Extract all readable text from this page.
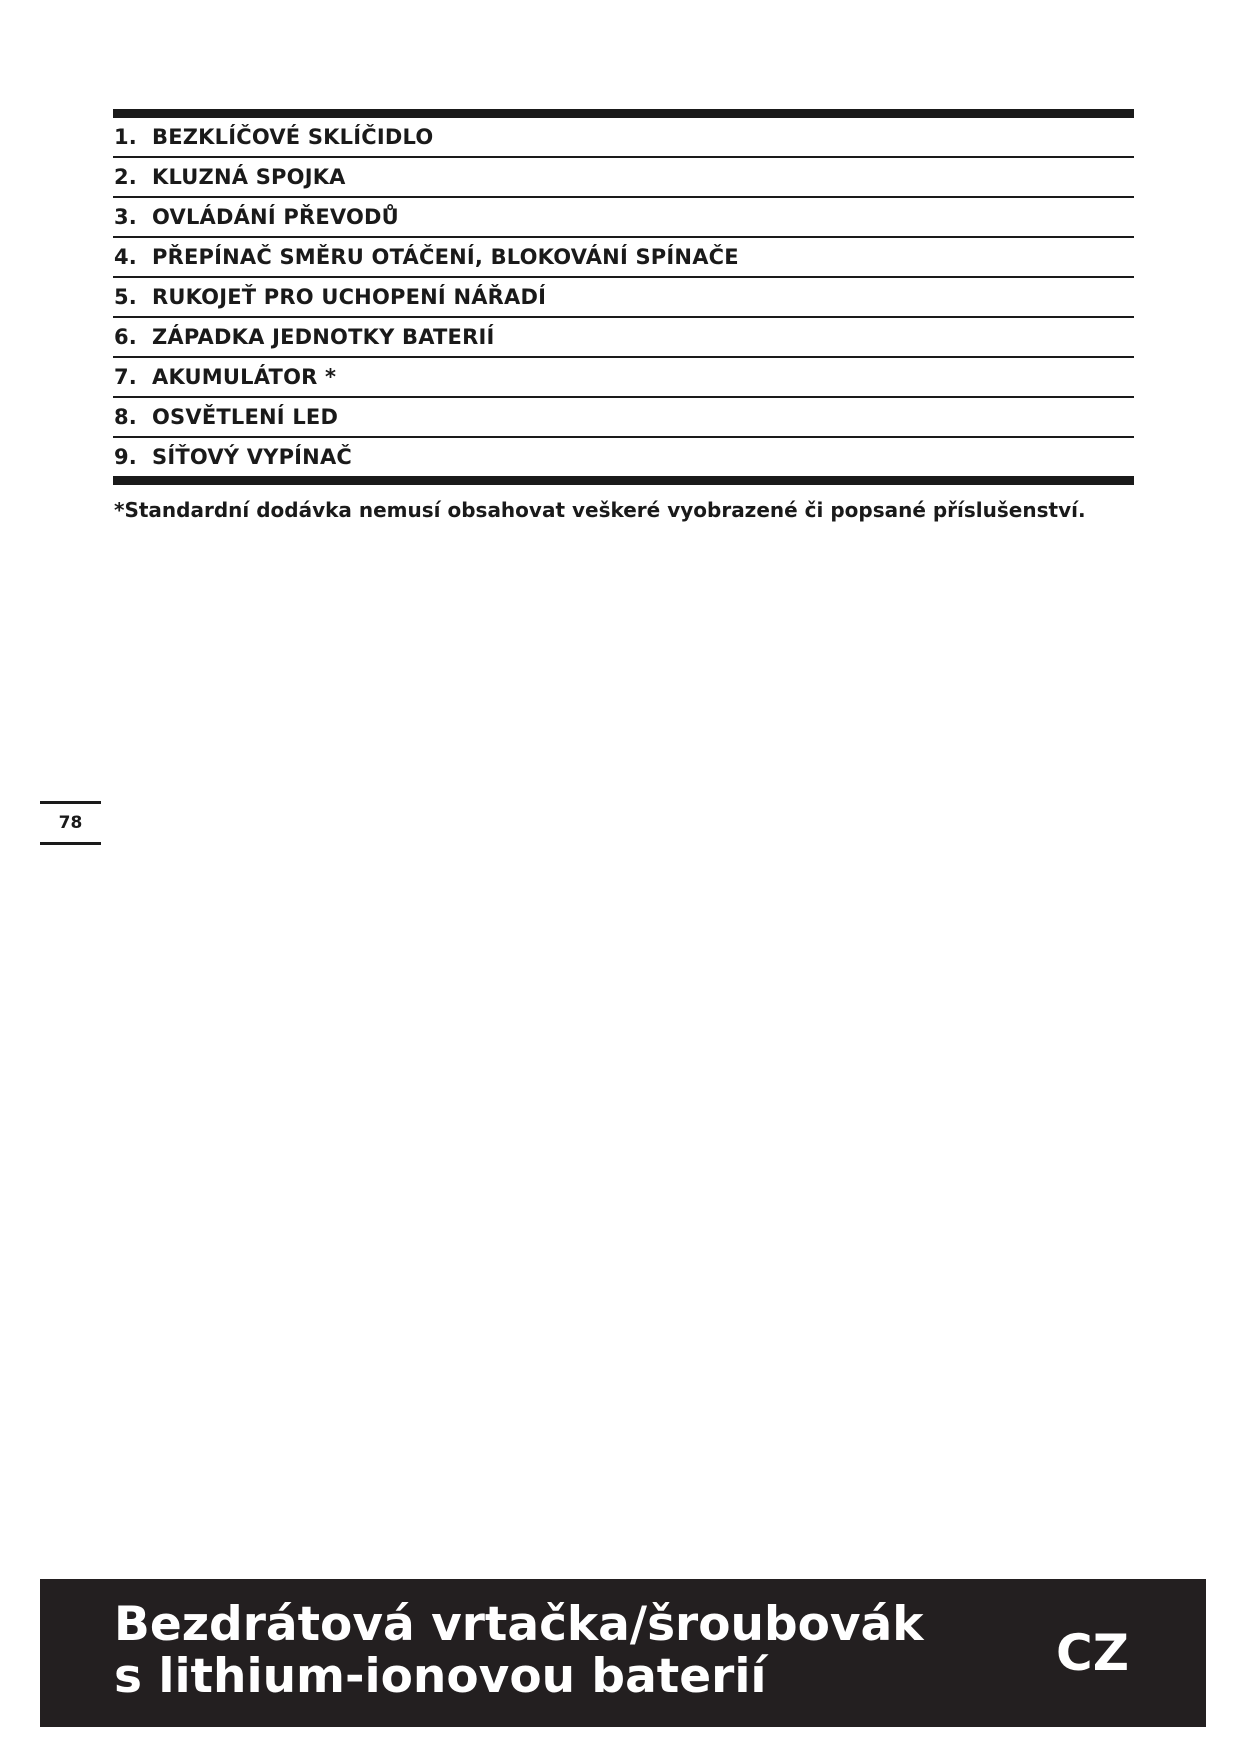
1. BEZKLÍČOVÉ SKLÍČIDLO
2. KLUZNÁ SPOJKA
3. OVLÁDÁNÍ PŘEVODŮ
4. PŘEPÍNAČ SMĚRU OTÁČENÍ, BLOKOVÁNÍ SPÍNAČE
5. RUKOJEŤ PRO UCHOPENÍ NÁŘADÍ
6. ZÁPADKA JEDNOTKY BATERIÍ
7. AKUMULÁTOR *
8. OSVĚTLENÍ LED
9. SÍŤOVÝ VYPÍNAČ

*Standardní dodávka nemusí obsahovat veškeré vyobrazené či popsané příslušenství.

78
Bezdrátová vrtačka/šroubovák
s lithium-ionovou baterií	CZ
